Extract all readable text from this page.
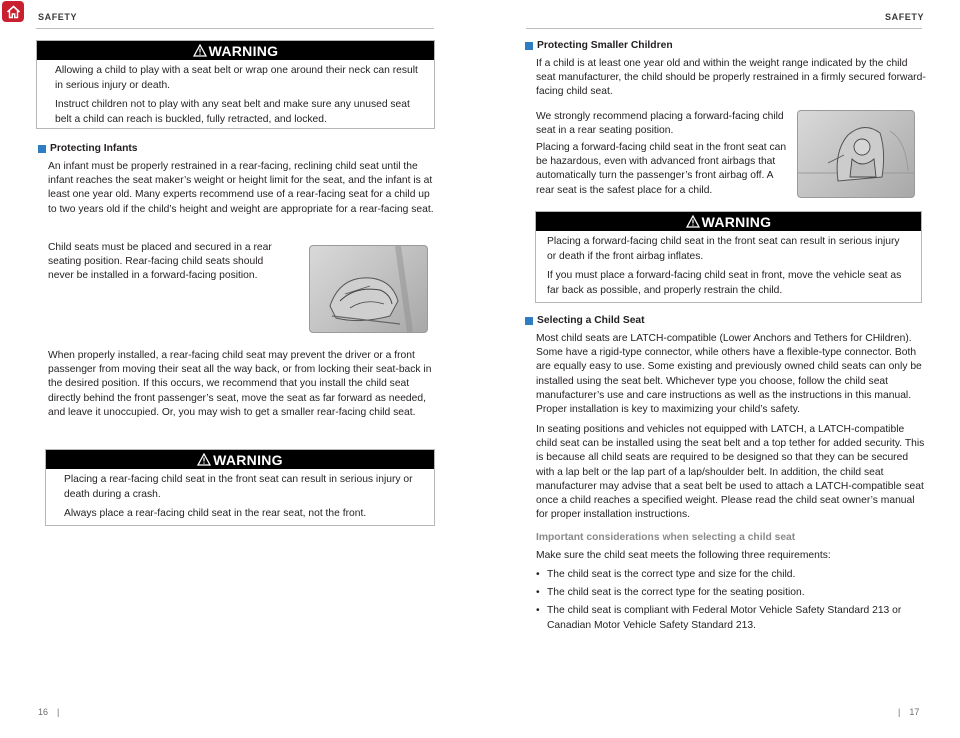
SAFETY
WARNING

Allowing a child to play with a seat belt or wrap one around their neck can result in serious injury or death.

Instruct children not to play with any seat belt and make sure any unused seat belt a child can reach is buckled, fully retracted, and locked.

Protecting Infants

An infant must be properly restrained in a rear-facing, reclining child seat until the infant reaches the seat maker’s weight or height limit for the seat, and the infant is at least one year old. Many experts recommend use of a rear-facing seat for a child up to two years old if the child’s height and weight are appropriate for a rear-facing seat.

Child seats must be placed and secured in a rear seating position. Rear-facing child seats should never be installed in a forward-facing position.

When properly installed, a rear-facing child seat may prevent the driver or a front passenger from moving their seat all the way back, or from locking their seat-back in the desired position. If this occurs, we recommend that you install the child seat directly behind the front passenger’s seat, move the seat as far forward as needed, and leave it unoccupied. Or, you may wish to get a smaller rear-facing child seat.

WARNING

Placing a rear-facing child seat in the front seat can result in serious injury or death during a crash.

Always place a rear-facing child seat in the rear seat, not the front.

16 |
SAFETY
Protecting Smaller Children

If a child is at least one year old and within the weight range indicated by the child seat manufacturer, the child should be properly restrained in a firmly secured forward-facing child seat.

We strongly recommend placing a forward-facing child seat in a rear seating position.

Placing a forward-facing child seat in the front seat can be hazardous, even with advanced front airbags that automatically turn the passenger’s front airbag off. A rear seat is the safest place for a child.

WARNING

Placing a forward-facing child seat in the front seat can result in serious injury or death if the front airbag inflates.

If you must place a forward-facing child seat in front, move the vehicle seat as far back as possible, and properly restrain the child.

Selecting a Child Seat

Most child seats are LATCH-compatible (Lower Anchors and Tethers for CHildren). Some have a rigid-type connector, while others have a flexible-type connector. Both are equally easy to use. Some existing and previously owned child seats can only be installed using the seat belt. Whichever type you choose, follow the child seat manufacturer’s use and care instructions as well as the instructions in this manual. Proper installation is key to maximizing your child’s safety.

In seating positions and vehicles not equipped with LATCH, a LATCH-compatible child seat can be installed using the seat belt and a top tether for added security. This is because all child seats are required to be designed so that they can be secured with a lap belt or the lap part of a lap/shoulder belt. In addition, the child seat manufacturer may advise that a seat belt be used to attach a LATCH-compatible seat once a child reaches a specified weight. Please read the child seat owner’s manual for proper installation instructions.

Important considerations when selecting a child seat

Make sure the child seat meets the following three requirements:

• The child seat is the correct type and size for the child.
• The child seat is the correct type for the seating position.
• The child seat is compliant with Federal Motor Vehicle Safety Standard 213 or Canadian Motor Vehicle Safety Standard 213.
| 17
